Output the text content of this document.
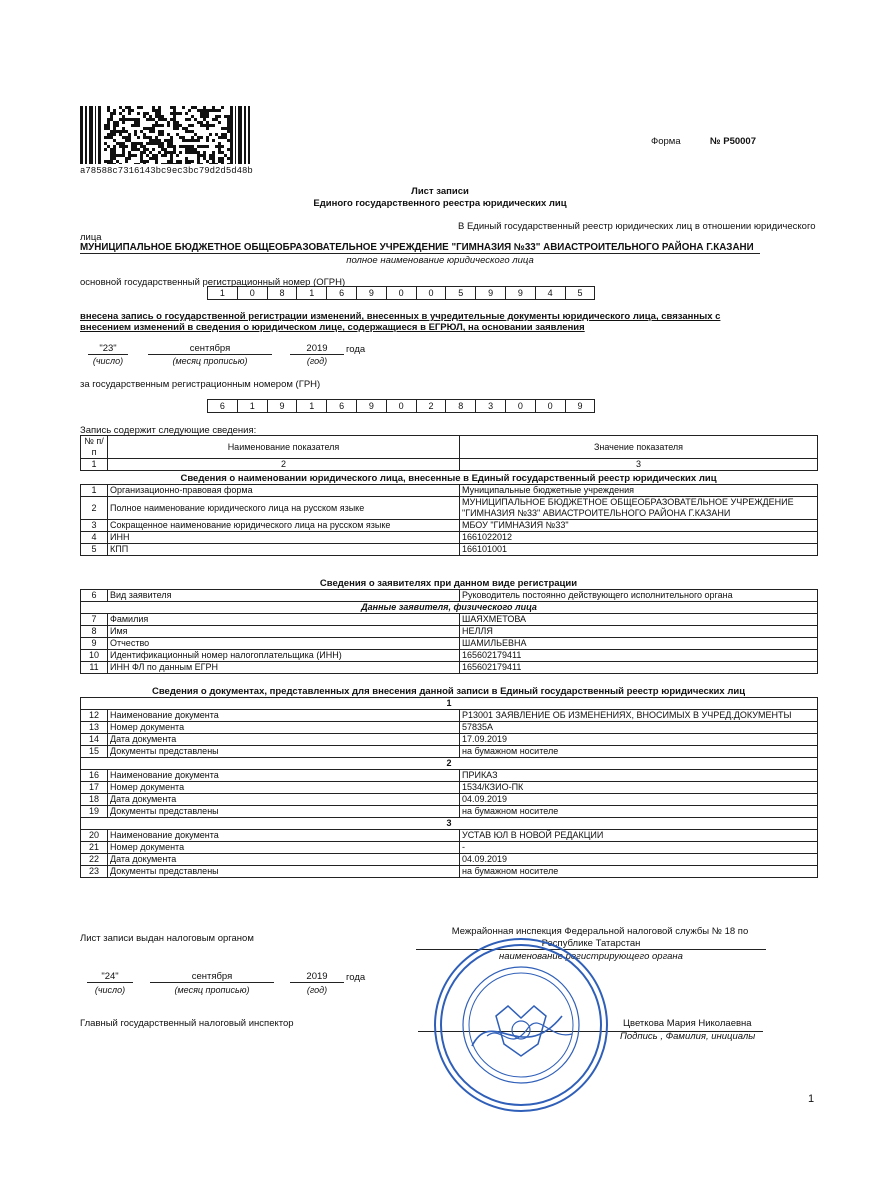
a78588c7316143bc9ec3bc79d2d5d48b
Форма	№ Р50007
Лист записи
Единого государственного реестра юридических лиц
В Единый государственный реестр юридических лиц в отношении юридического
лица
МУНИЦИПАЛЬНОЕ БЮДЖЕТНОЕ ОБЩЕОБРАЗОВАТЕЛЬНОЕ УЧРЕЖДЕНИЕ "ГИМНАЗИЯ №33" АВИАСТРОИТЕЛЬНОГО РАЙОНА Г.КАЗАНИ
полное наименование юридического лица
основной государственный регистрационный номер (ОГРН)
1	0	8	1	6	9	0	0	5	9	9	4	5
внесена запись о государственной регистрации изменений, внесенных в учредительные документы юридического лица, связанных с
внесением изменений в сведения о юридическом лице, содержащиеся в ЕГРЮЛ, на основании заявления
"23"	сентября	2019	года
(число)	(месяц прописью)	(год)
за государственным регистрационным номером (ГРН)
6	1	9	1	6	9	0	2	8	3	0	0	9
Запись содержит следующие сведения:
№ п/п	Наименование показателя	Значение показателя
1	2	3
Сведения о наименовании юридического лица, внесенные в Единый государственный реестр юридических лиц
1	Организационно-правовая форма	Муниципальные бюджетные учреждения
2	Полное наименование юридического лица на русском языке	МУНИЦИПАЛЬНОЕ БЮДЖЕТНОЕ ОБЩЕОБРАЗОВАТЕЛЬНОЕ УЧРЕЖДЕНИЕ "ГИМНАЗИЯ №33" АВИАСТРОИТЕЛЬНОГО РАЙОНА Г.КАЗАНИ
3	Сокращенное наименование юридического лица на русском языке	МБОУ "ГИМНАЗИЯ №33"
4	ИНН	1661022012
5	КПП	166101001
Сведения о заявителях при данном виде регистрации
6	Вид заявителя	Руководитель постоянно действующего исполнительного органа
Данные заявителя, физического лица		
7	Фамилия	ШАЯХМЕТОВА
8	Имя	НЕЛЛЯ
9	Отчество	ШАМИЛЬЕВНА
10	Идентификационный номер налогоплательщика (ИНН)	165602179411
11	ИНН ФЛ по данным ЕГРН	165602179411
Сведения о документах, представленных для внесения данной записи в Единый государственный реестр юридических лиц
1		
12	Наименование документа	Р13001 ЗАЯВЛЕНИЕ ОБ ИЗМЕНЕНИЯХ, ВНОСИМЫХ В УЧРЕД.ДОКУМЕНТЫ
13	Номер документа	57835А
14	Дата документа	17.09.2019
15	Документы представлены	на бумажном носителе
2		
16	Наименование документа	ПРИКАЗ
17	Номер документа	1534/КЗИО-ПК
18	Дата документа	04.09.2019
19	Документы представлены	на бумажном носителе
3		
20	Наименование документа	УСТАВ ЮЛ В НОВОЙ РЕДАКЦИИ
21	Номер документа	-
22	Дата документа	04.09.2019
23	Документы представлены	на бумажном носителе
Лист записи выдан налоговым органом
Межрайонная инспекция Федеральной налоговой службы № 18 по
Республике Татарстан
наименование регистрирующего органа
"24"	сентября	2019	года
(число)	(месяц прописью)	(год)
Главный государственный налоговый инспектор	Цветкова Мария Николаевна
Подпись , Фамилия, инициалы
1
